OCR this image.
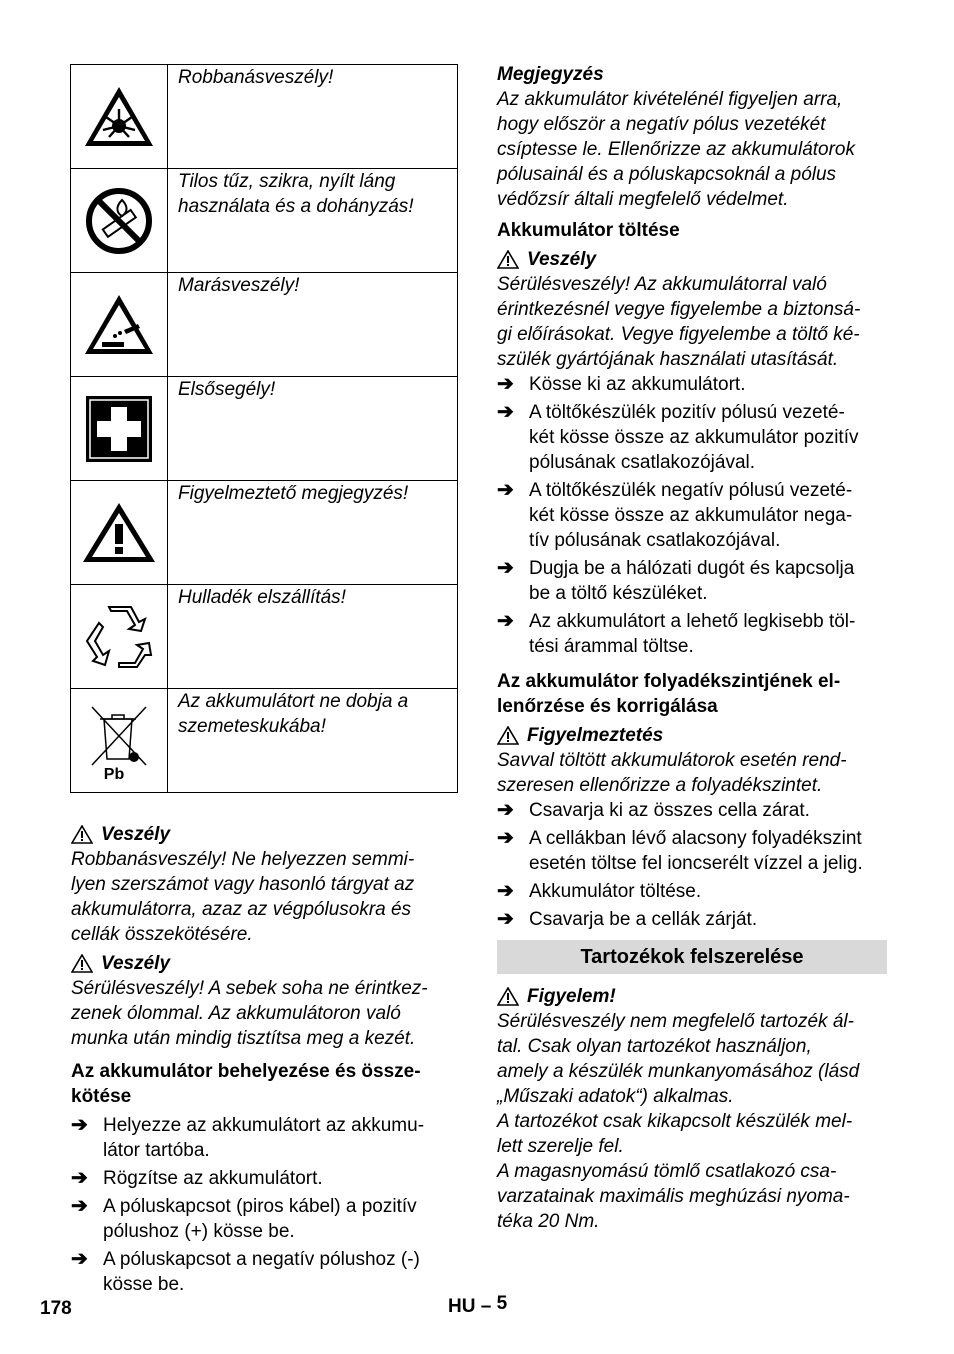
	Robbanásveszély!

Tilos tűz, szikra, nyílt láng
használata és a dohányzás!

	Marásveszély!

	Elsősegély!

	Figyelmeztető megjegyzés!

	Hulladék elszállítás!

Pb	Az akkumulátort ne dobja a
szemeteskukába!
Veszély

Robbanásveszély! Ne helyezzen semmi-
lyen szerszámot vagy hasonló tárgyat az
akkumulátorra, azaz az végpólusokra és
cellák összekötésére.

Veszély

Sérülésveszély! A sebek soha ne érintkez-
zenek ólommal. Az akkumulátoron való
munka után mindig tisztítsa meg a kezét.

Az akkumulátor behelyezése és össze-
kötése

➔ Helyezze az akkumulátort az akkumu-
látor tartóba.
➔ Rögzítse az akkumulátort.
➔ A póluskapcsot (piros kábel) a pozitív
pólushoz (+) kösse be.
➔ A póluskapcsot a negatív pólushoz (-)
kösse be.

Megjegyzés

Az akkumulátor kivételénél figyeljen arra,
hogy először a negatív pólus vezetékét
csíptesse le. Ellenőrizze az akkumulátorok
pólusainál és a póluskapcsoknál a pólus
védőzsír általi megfelelő védelmet.

Akkumulátor töltése

Veszély

Sérülésveszély! Az akkumulátorral való
érintkezésnél vegye figyelembe a biztonsá-
gi előírásokat. Vegye figyelembe a töltő ké-
szülék gyártójának használati utasítását.

➔ Kösse ki az akkumulátort.
➔ A töltőkészülék pozitív pólusú vezeté-
két kösse össze az akkumulátor pozitív
pólusának csatlakozójával.
➔ A töltőkészülék negatív pólusú vezeté-
két kösse össze az akkumulátor nega-
tív pólusának csatlakozójával.
➔ Dugja be a hálózati dugót és kapcsolja
be a töltő készüléket.
➔ Az akkumulátort a lehető legkisebb töl-
tési árammal töltse.

Az akkumulátor folyadékszintjének el-
lenőrzése és korrigálása

Figyelmeztetés

Savval töltött akkumulátorok esetén rend-
szeresen ellenőrizze a folyadékszintet.

➔ Csavarja ki az összes cella zárat.
➔ A cellákban lévő alacsony folyadékszint
esetén töltse fel ioncserélt vízzel a jelig.
➔ Akkumulátor töltése.
➔ Csavarja be a cellák zárját.
Tartozékok felszerelése
Figyelem!

Sérülésveszély nem megfelelő tartozék ál-
tal. Csak olyan tartozékot használjon,
amely a készülék munkanyomásához (lásd
„Műszaki adatok“) alkalmas.
A tartozékot csak kikapcsolt készülék mel-
lett szerelje fel.
A magasnyomású tömlő csatlakozó csa-
varzatainak maximális meghúzási nyoma-
téka 20 Nm.

178	HU – 5
